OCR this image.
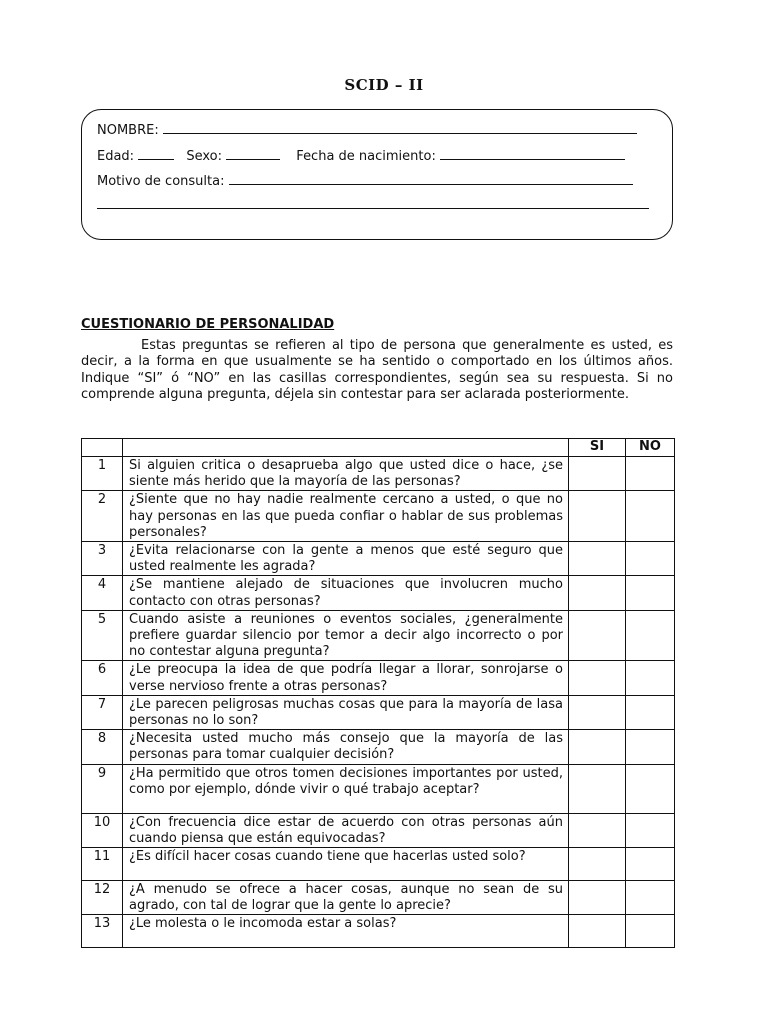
SCID – II
NOMBRE:
Edad:	Sexo:	Fecha de nacimiento:
Motivo de consulta:
CUESTIONARIO DE PERSONALIDAD

Estas preguntas se refieren al tipo de persona que generalmente es usted, es decir, a la forma en que usualmente se ha sentido o comportado en los últimos años. Indique “SI” ó “NO” en las casillas correspondientes, según sea su respuesta. Si no comprende alguna pregunta, déjela sin contestar para ser aclarada posteriormente.

		SI	NO
1	Si alguien critica o desaprueba algo que usted dice o hace, ¿se siente más herido que la mayoría de las personas?		
2	¿Siente que no hay nadie realmente cercano a usted, o que no hay personas en las que pueda confiar o hablar de sus problemas personales?		
3	¿Evita relacionarse con la gente a menos que esté seguro que usted realmente les agrada?		
4	¿Se mantiene alejado de situaciones que involucren mucho contacto con otras personas?		
5	Cuando asiste a reuniones o eventos sociales, ¿generalmente prefiere guardar silencio por temor a decir algo incorrecto o por no contestar alguna pregunta?		
6	¿Le preocupa la idea de que podría llegar a llorar, sonrojarse o verse nervioso frente a otras personas?		
7	¿Le parecen peligrosas muchas cosas que para la mayoría de lasa personas no lo son?		
8	¿Necesita usted mucho más consejo que la mayoría de las personas para tomar cualquier decisión?		
9	¿Ha permitido que otros tomen decisiones importantes por usted, como por ejemplo, dónde vivir o qué trabajo aceptar?		
10	¿Con frecuencia dice estar de acuerdo con otras personas aún cuando piensa que están equivocadas?		
11	¿Es difícil hacer cosas cuando tiene que hacerlas usted solo?		
12	¿A menudo se ofrece a hacer cosas, aunque no sean de su agrado, con tal de lograr que la gente lo aprecie?		
13	¿Le molesta o le incomoda estar a solas?		
